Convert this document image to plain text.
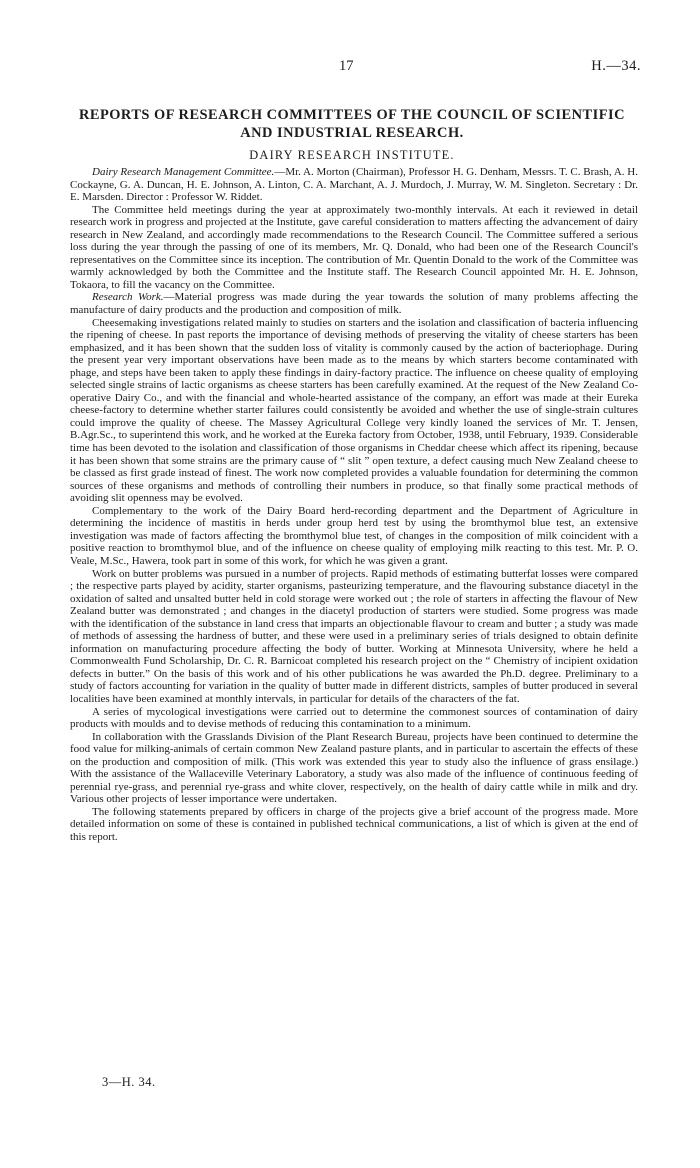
17	H.—34.
REPORTS OF RESEARCH COMMITTEES OF THE COUNCIL OF SCIENTIFIC AND INDUSTRIAL RESEARCH.
DAIRY RESEARCH INSTITUTE.

Dairy Research Management Committee.—Mr. A. Morton (Chairman), Professor H. G. Denham, Messrs. T. C. Brash, A. H. Cockayne, G. A. Duncan, H. E. Johnson, A. Linton, C. A. Marchant, A. J. Murdoch, J. Murray, W. M. Singleton. Secretary : Dr. E. Marsden. Director : Professor W. Riddet.

The Committee held meetings during the year at approximately two-monthly intervals. At each it reviewed in detail research work in progress and projected at the Institute, gave careful consideration to matters affecting the advancement of dairy research in New Zealand, and accordingly made recommendations to the Research Council. The Committee suffered a serious loss during the year through the passing of one of its members, Mr. Q. Donald, who had been one of the Research Council's representatives on the Committee since its inception. The contribution of Mr. Quentin Donald to the work of the Committee was warmly acknowledged by both the Committee and the Institute staff. The Research Council appointed Mr. H. E. Johnson, Tokaora, to fill the vacancy on the Committee.

Research Work.—Material progress was made during the year towards the solution of many problems affecting the manufacture of dairy products and the production and composition of milk.

Cheesemaking investigations related mainly to studies on starters and the isolation and classification of bacteria influencing the ripening of cheese. In past reports the importance of devising methods of preserving the vitality of cheese starters has been emphasized, and it has been shown that the sudden loss of vitality is commonly caused by the action of bacteriophage. During the present year very important observations have been made as to the means by which starters become contaminated with phage, and steps have been taken to apply these findings in dairy-factory practice. The influence on cheese quality of employing selected single strains of lactic organisms as cheese starters has been carefully examined. At the request of the New Zealand Co-operative Dairy Co., and with the financial and whole-hearted assistance of the company, an effort was made at their Eureka cheese-factory to determine whether starter failures could consistently be avoided and whether the use of single-strain cultures could improve the quality of cheese. The Massey Agricultural College very kindly loaned the services of Mr. T. Jensen, B.Agr.Sc., to superintend this work, and he worked at the Eureka factory from October, 1938, until February, 1939. Considerable time has been devoted to the isolation and classification of those organisms in Cheddar cheese which affect its ripening, because it has been shown that some strains are the primary cause of “ slit ” open texture, a defect causing much New Zealand cheese to be classed as first grade instead of finest. The work now completed provides a valuable foundation for determining the common sources of these organisms and methods of controlling their numbers in produce, so that finally some practical methods of avoiding slit openness may be evolved.

Complementary to the work of the Dairy Board herd-recording department and the Department of Agriculture in determining the incidence of mastitis in herds under group herd test by using the bromthymol blue test, an extensive investigation was made of factors affecting the bromthymol blue test, of changes in the composition of milk coincident with a positive reaction to bromthymol blue, and of the influence on cheese quality of employing milk reacting to this test. Mr. P. O. Veale, M.Sc., Hawera, took part in some of this work, for which he was given a grant.

Work on butter problems was pursued in a number of projects. Rapid methods of estimating butterfat losses were compared ; the respective parts played by acidity, starter organisms, pasteurizing temperature, and the flavouring substance diacetyl in the oxidation of salted and unsalted butter held in cold storage were worked out ; the role of starters in affecting the flavour of New Zealand butter was demonstrated ; and changes in the diacetyl production of starters were studied. Some progress was made with the identification of the substance in land cress that imparts an objectionable flavour to cream and butter ; a study was made of methods of assessing the hardness of butter, and these were used in a preliminary series of trials designed to obtain definite information on manufacturing procedure affecting the body of butter. Working at Minnesota University, where he held a Commonwealth Fund Scholarship, Dr. C. R. Barnicoat completed his research project on the “ Chemistry of incipient oxidation defects in butter.” On the basis of this work and of his other publications he was awarded the Ph.D. degree. Preliminary to a study of factors accounting for variation in the quality of butter made in different districts, samples of butter produced in several localities have been examined at monthly intervals, in particular for details of the characters of the fat.

A series of mycological investigations were carried out to determine the commonest sources of contamination of dairy products with moulds and to devise methods of reducing this contamination to a minimum.

In collaboration with the Grasslands Division of the Plant Research Bureau, projects have been continued to determine the food value for milking-animals of certain common New Zealand pasture plants, and in particular to ascertain the effects of these on the production and composition of milk. (This work was extended this year to study also the influence of grass ensilage.) With the assistance of the Wallaceville Veterinary Laboratory, a study was also made of the influence of continuous feeding of perennial rye-grass, and perennial rye-grass and white clover, respectively, on the health of dairy cattle while in milk and dry. Various other projects of lesser importance were undertaken.

The following statements prepared by officers in charge of the projects give a brief account of the progress made. More detailed information on some of these is contained in published technical communications, a list of which is given at the end of this report.

3—H. 34.
